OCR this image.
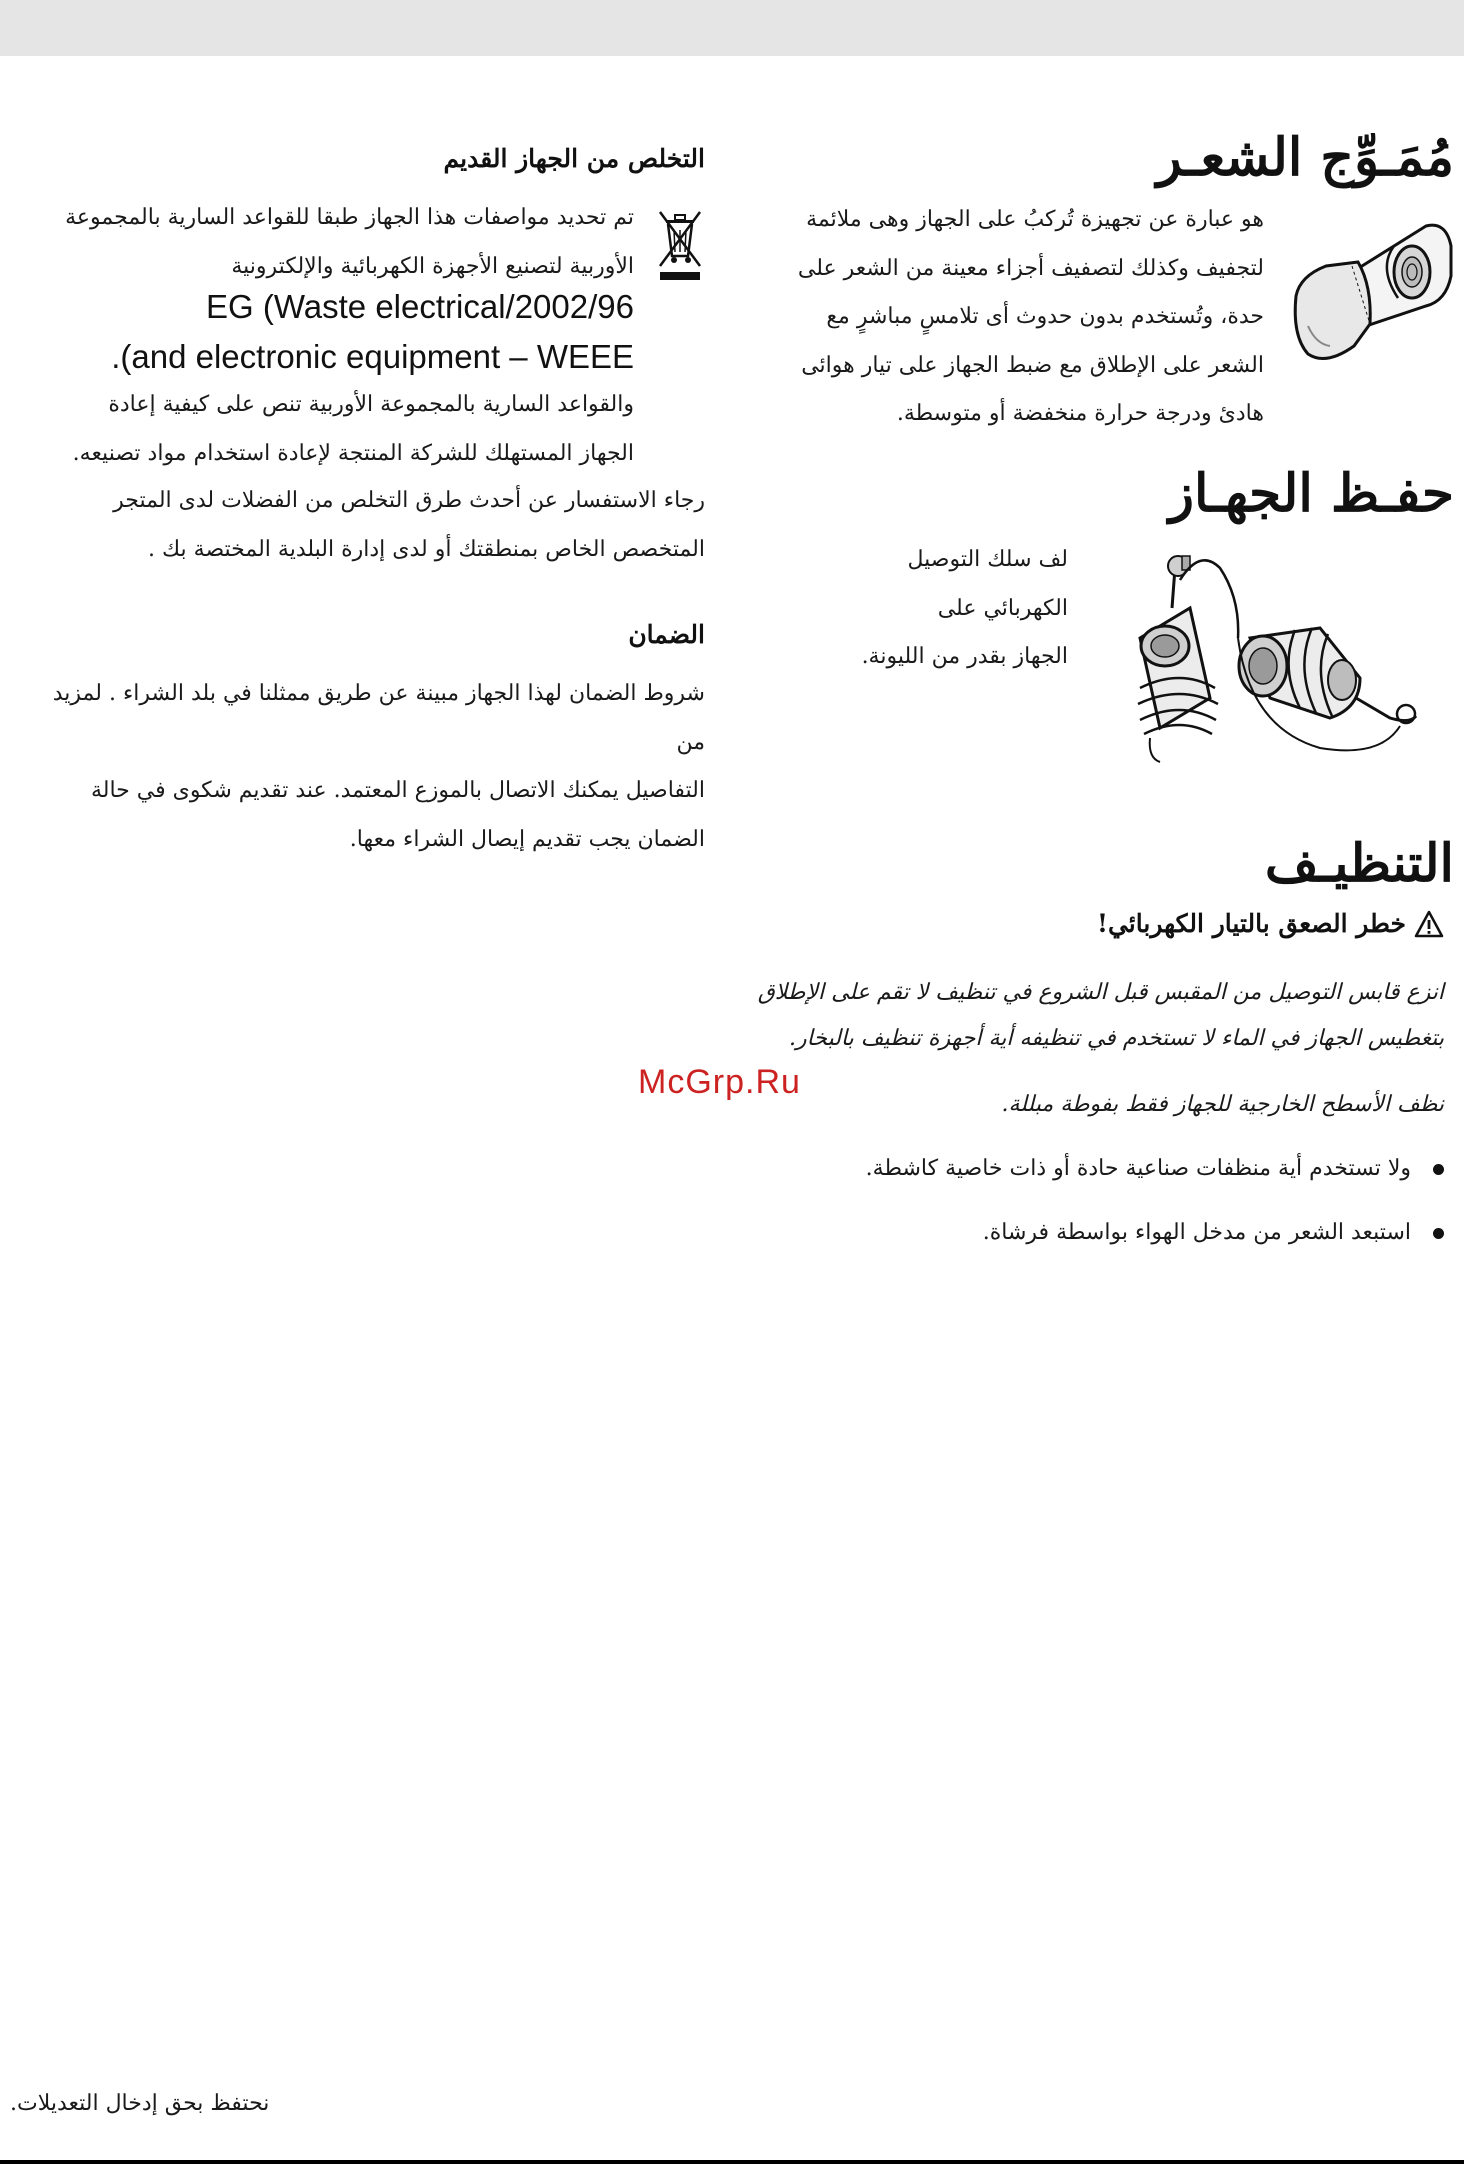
مُمَـوِّج الشعـر
هو عبارة عن تجهيزة تُركبُ على الجهاز وهى ملائمة
لتجفيف وكذلك لتصفيف أجزاء معينة من الشعر على
حدة، وتُستخدم بدون حدوث أى تلامسٍ مباشرٍ مع
الشعر على الإطلاق مع ضبط الجهاز على تيار هوائى
هادئ ودرجة حرارة منخفضة أو متوسطة.
حفـظ الجهـاز
لف سلك التوصيل
الكهربائي على
الجهاز بقدر من الليونة.
التنظيـف
خطر الصعق بالتيار الكهربائي!
انزع قابس التوصيل من المقبس قبل الشروع في تنظيف لا تقم على الإطلاق
بتغطيس الجهاز في الماء لا تستخدم في تنظيفه أية أجهزة تنظيف بالبخار.
McGrp.Ru
نظف الأسطح الخارجية للجهاز فقط بفوطة مبللة.
ولا تستخدم أية منظفات صناعية حادة أو ذات خاصية كاشطة.
استبعد الشعر من مدخل الهواء بواسطة فرشاة.
التخلص من الجهاز القديم
تم تحديد مواصفات هذا الجهاز طبقا للقواعد السارية بالمجموعة
الأوربية لتصنيع الأجهزة الكهربائية والإلكترونية
2002/96/EG (Waste electrical
and electronic equipment – WEEE).
والقواعد السارية بالمجموعة الأوربية تنص على كيفية إعادة
الجهاز المستهلك للشركة المنتجة لإعادة استخدام مواد تصنيعه.
رجاء الاستفسار عن أحدث طرق التخلص من الفضلات لدى المتجر
المتخصص الخاص بمنطقتك أو لدى إدارة البلدية المختصة بك .
الضمان
شروط الضمان لهذا الجهاز مبينة عن طريق ممثلنا في بلد الشراء . لمزيد من
التفاصيل يمكنك الاتصال بالموزع المعتمد. عند تقديم شكوى في حالة
الضمان يجب تقديم إيصال الشراء معها.
نحتفظ بحق إدخال التعديلات.
